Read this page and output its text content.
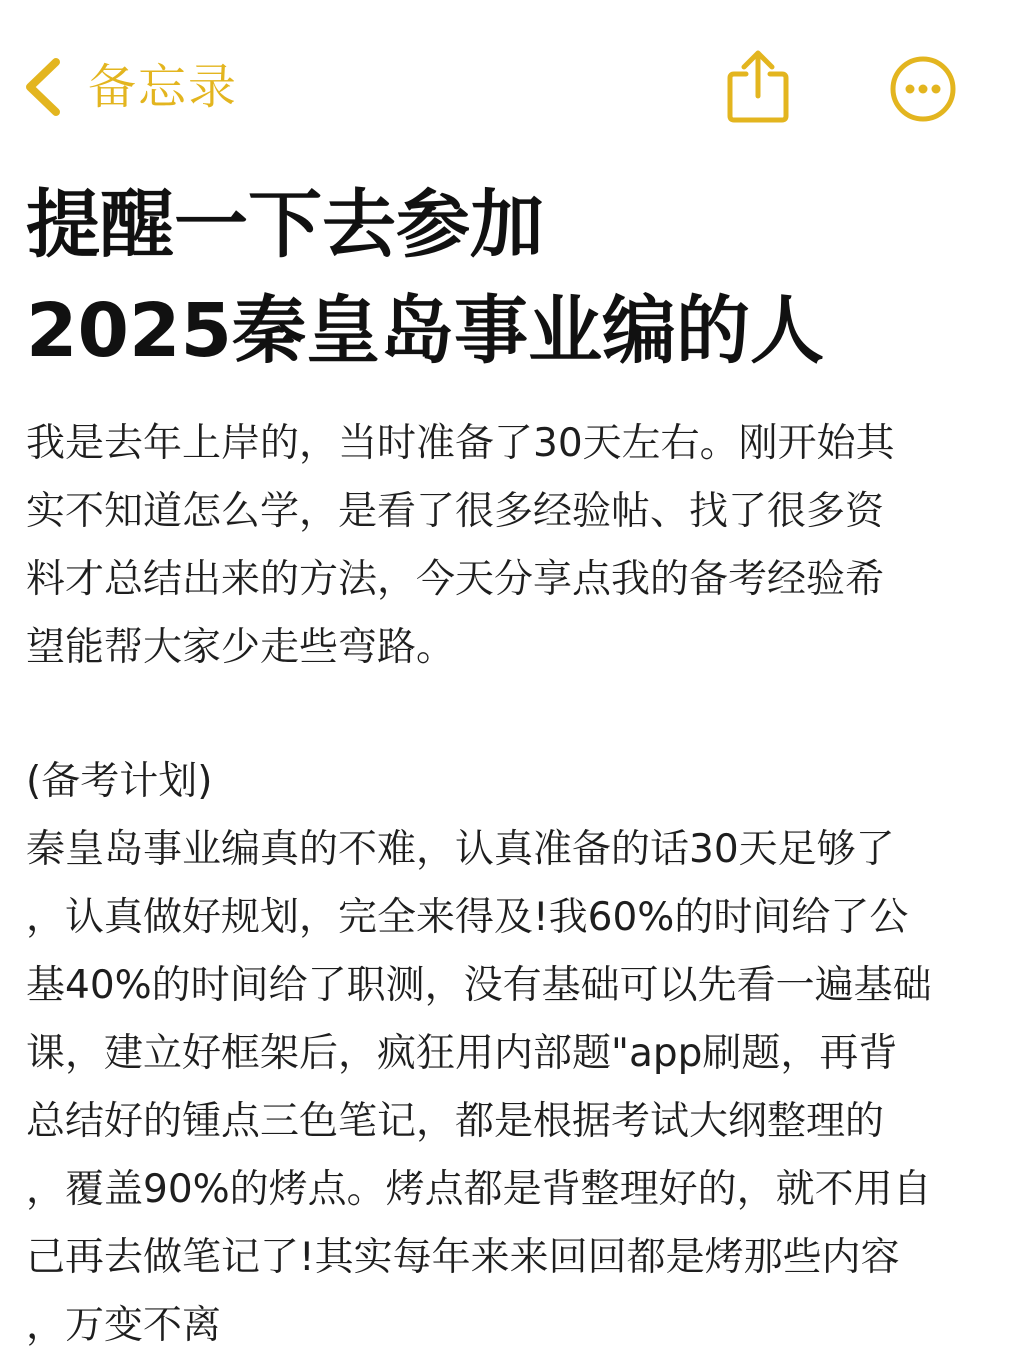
备忘录
提醒一下去参加
2025秦皇岛事业编的人
我是去年上岸的，当时准备了30天左右。刚开始其
实不知道怎么学，是看了很多经验帖、找了很多资
料才总结出来的方法，今天分享点我的备考经验希
望能帮大家少走些弯路。
(备考计划)
秦皇岛事业编真的不难，认真准备的话30天足够了
，认真做好规划，完全来得及!我60%的时间给了公
基40%的时间给了职测，没有基础可以先看一遍基础
课，建立好框架后，疯狂用内部题"app刷题，再背
总结好的锺点三色笔记，都是根据考试大纲整理的
，覆盖90%的烤点。烤点都是背整理好的，就不用自
己再去做笔记了!其实每年来来回回都是烤那些内容
，万变不离
